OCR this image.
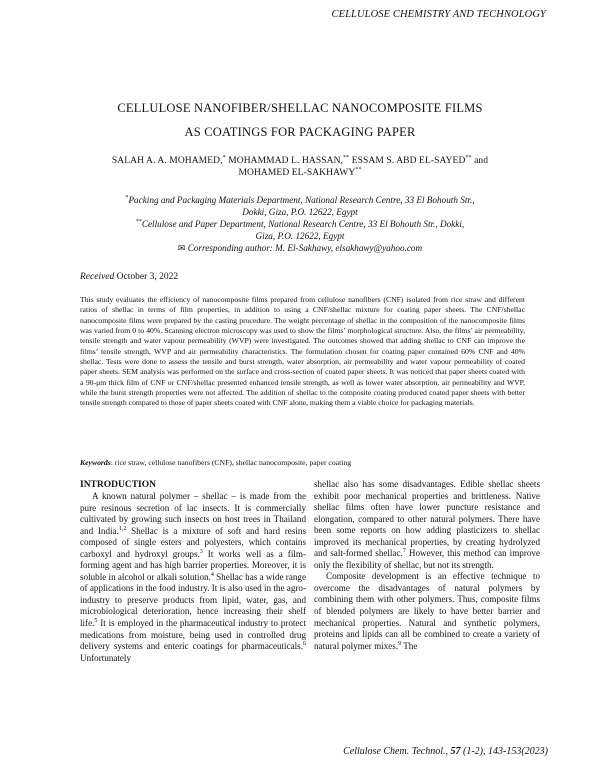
CELLULOSE CHEMISTRY AND TECHNOLOGY
CELLULOSE NANOFIBER/SHELLAC NANOCOMPOSITE FILMS
AS COATINGS FOR PACKAGING PAPER
SALAH A. A. MOHAMED,* MOHAMMAD L. HASSAN,** ESSAM S. ABD EL-SAYED** and
MOHAMED EL-SAKHAWY**

*Packing and Packaging Materials Department, National Research Centre, 33 El Bohouth Str.,
Dokki, Giza, P.O. 12622, Egypt

**Cellulose and Paper Department, National Research Centre, 33 El Bohouth Str., Dokki,
Giza, P.O. 12622, Egypt

✉ Corresponding author: M. El-Sakhawy, elsakhawy@yahoo.com

Received October 3, 2022

This study evaluates the efficiency of nanocomposite films prepared from cellulose nanofibers (CNF) isolated from rice straw and different ratios of shellac in terms of film properties, in addition to using a CNF/shellac mixture for coating paper sheets. The CNF/shellac nanocomposite films were prepared by the casting procedure. The weight percentage of shellac in the composition of the nanocomposite films was varied from 0 to 40%. Scanning electron microscopy was used to show the films’ morphological structure. Also, the films’ air permeability, tensile strength and water vapour permeability (WVP) were investigated. The outcomes showed that adding shellac to CNF can improve the films’ tensile strength, WVP and air permeability characteristics. The formulation chosen for coating paper contained 60% CNF and 40% shellac. Tests were done to assess the tensile and burst strength, water absorption, air permeability and water vapour permeability of coated paper sheets. SEM analysis was performed on the surface and cross-section of coated paper sheets. It was noticed that paper sheets coated with a 90-μm thick film of CNF or CNF/shellac presented enhanced tensile strength, as well as lower water absorption, air permeability and WVP, while the burst strength properties were not affected. The addition of shellac to the composite coating produced coated paper sheets with better tensile strength compared to those of paper sheets coated with CNF alone, making them a viable choice for packaging materials.

Keywords: rice straw, cellulose nanofibers (CNF), shellac nanocomposite, paper coating

INTRODUCTION

A known natural polymer – shellac – is made from the pure resinous secretion of lac insects. It is commercially cultivated by growing such insects on host trees in Thailand and India.$^{1,2}$ Shellac is a mixture of soft and hard resins composed of single esters and polyesters, which contains carboxyl and hydroxyl groups.$^3$ It works well as a film-forming agent and has high barrier properties. Moreover, it is soluble in alcohol or alkali solution.$^4$ Shellac has a wide range of applications in the food industry. It is also used in the agro-industry to preserve products from lipid, water, gas, and microbiological deterioration, hence increasing their shelf life.$^5$ It is employed in the pharmaceutical industry to protect medications from moisture, being used in controlled drug delivery systems and enteric coatings for pharmaceuticals.$^6$ Unfortunately

shellac also has some disadvantages. Edible shellac sheets exhibit poor mechanical properties and brittleness. Native shellac films often have lower puncture resistance and elongation, compared to other natural polymers. There have been some reports on how adding plasticizers to shellac improved its mechanical properties, by creating hydrolyzed and salt-formed shellac.$^7$ However, this method can improve only the flexibility of shellac, but not its strength.

Composite development is an effective technique to overcome the disadvantages of natural polymers by combining them with other polymers. Thus, composite films of blended polymers are likely to have better barrier and mechanical properties. Natural and synthetic polymers, proteins and lipids can all be combined to create a variety of natural polymer mixes.$^9$ The

Cellulose Chem. Technol., 57 (1-2), 143-153(2023)
